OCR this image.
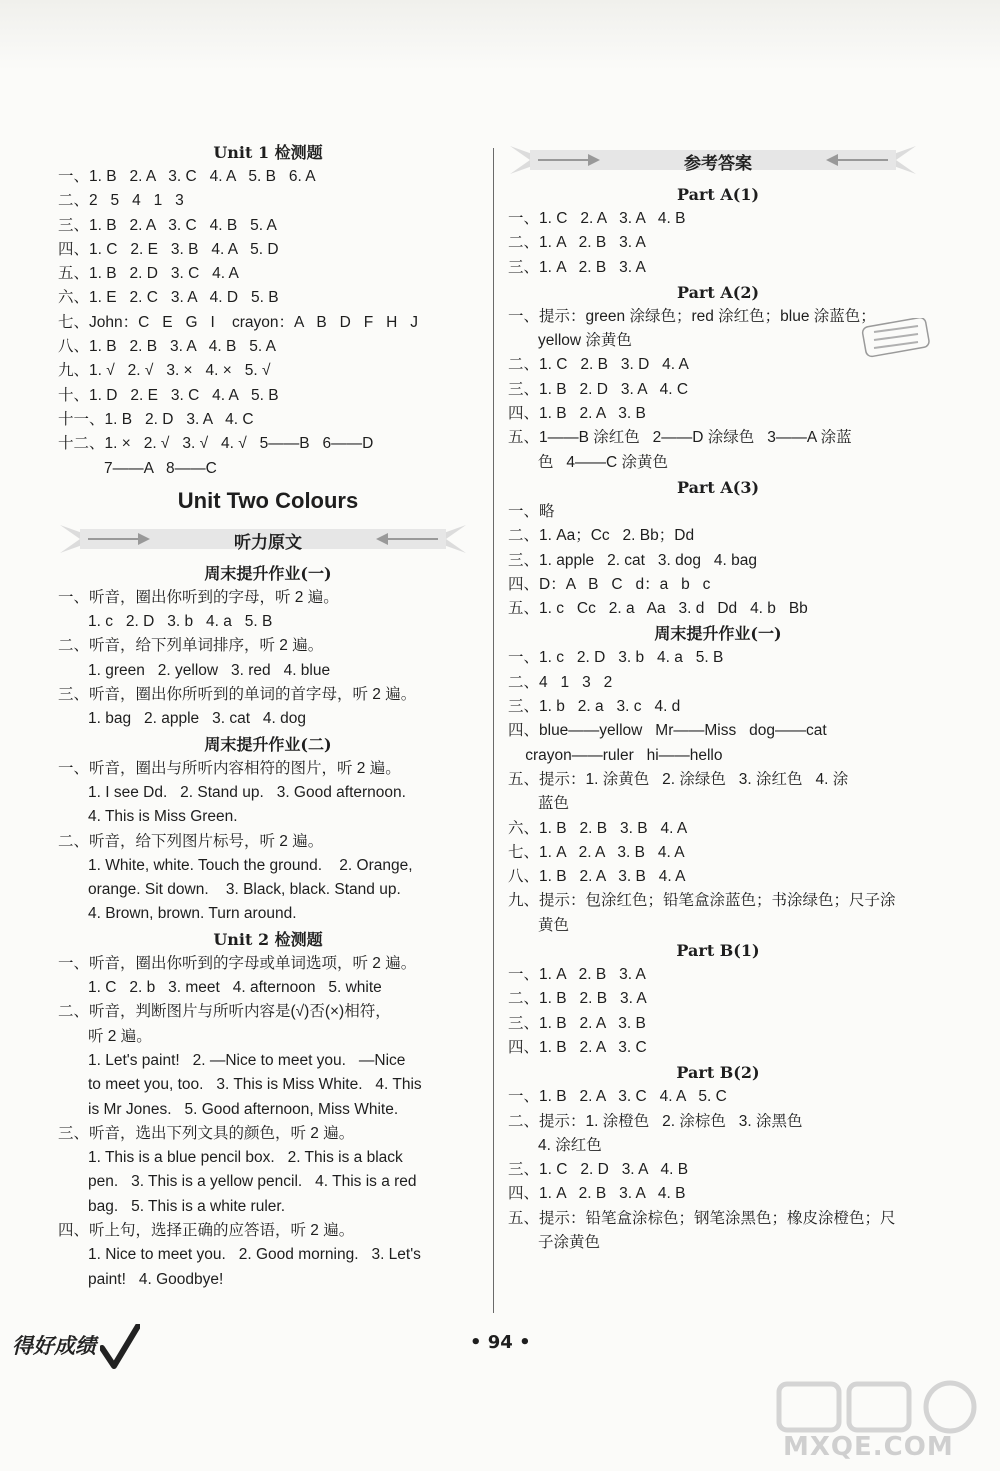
Unit 1 检测题
一、1. B   2. A   3. C   4. A   5. B   6. A
二、2   5   4   1   3
三、1. B   2. A   3. C   4. B   5. A
四、1. C   2. E   3. B   4. A   5. D
五、1. B   2. D   3. C   4. A
六、1. E   2. C   3. A   4. D   5. B
七、John：C   E   G   I    crayon：A   B   D   F   H   J
八、1. B   2. B   3. A   4. B   5. A
九、1. √   2. √   3. ×   4. ×   5. √
十、1. D   2. E   3. C   4. A   5. B
十一、1. B   2. D   3. A   4. C
十二、1. ×   2. √   3. √   4. √   5——B   6——D
7——A   8——C
Unit Two Colours
听力原文
周末提升作业(一)
一、听音，圈出你听到的字母，听 2 遍。
1. c   2. D   3. b   4. a   5. B
二、听音，给下列单词排序，听 2 遍。
1. green   2. yellow   3. red   4. blue
三、听音，圈出你所听到的单词的首字母，听 2 遍。
1. bag   2. apple   3. cat   4. dog
周末提升作业(二)
一、听音，圈出与所听内容相符的图片，听 2 遍。
1. I see Dd.   2. Stand up.   3. Good afternoon.
4. This is Miss Green.
二、听音，给下列图片标号，听 2 遍。
1. White, white. Touch the ground.    2. Orange,
orange. Sit down.    3. Black, black. Stand up.
4. Brown, brown. Turn around.
Unit 2 检测题
一、听音，圈出你听到的字母或单词选项，听 2 遍。
1. C   2. b   3. meet   4. afternoon   5. white
二、听音，判断图片与所听内容是(√)否(×)相符，
听 2 遍。
1. Let's paint!   2. —Nice to meet you.   —Nice
to meet you, too.   3. This is Miss White.   4. This
is Mr Jones.   5. Good afternoon, Miss White.
三、听音，选出下列文具的颜色，听 2 遍。
1. This is a blue pencil box.   2. This is a black
pen.   3. This is a yellow pencil.   4. This is a red
bag.   5. This is a white ruler.
四、听上句，选择正确的应答语，听 2 遍。
1. Nice to meet you.   2. Good morning.   3. Let's
paint!   4. Goodbye!
参考答案
Part A(1)
一、1. C   2. A   3. A   4. B
二、1. A   2. B   3. A
三、1. A   2. B   3. A
Part A(2)
一、提示：green 涂绿色；red 涂红色；blue 涂蓝色；
yellow 涂黄色
二、1. C   2. B   3. D   4. A
三、1. B   2. D   3. A   4. C
四、1. B   2. A   3. B
五、1——B 涂红色   2——D 涂绿色   3——A 涂蓝
色   4——C 涂黄色
Part A(3)
一、略
二、1. Aa；Cc   2. Bb；Dd
三、1. apple   2. cat   3. dog   4. bag
四、D：A   B   C   d：a   b   c
五、1. c   Cc   2. a   Aa   3. d   Dd   4. b   Bb
周末提升作业(一)
一、1. c   2. D   3. b   4. a   5. B
二、4   1   3   2
三、1. b   2. a   3. c   4. d
四、blue——yellow   Mr——Miss   dog——cat
crayon——ruler   hi——hello
五、提示：1. 涂黄色   2. 涂绿色   3. 涂红色   4. 涂
蓝色
六、1. B   2. B   3. B   4. A
七、1. A   2. A   3. B   4. A
八、1. B   2. A   3. B   4. A
九、提示：包涂红色；铅笔盒涂蓝色；书涂绿色；尺子涂
黄色
Part B(1)
一、1. A   2. B   3. A
二、1. B   2. B   3. A
三、1. B   2. A   3. B
四、1. B   2. A   3. C
Part B(2)
一、1. B   2. A   3. C   4. A   5. C
二、提示：1. 涂橙色   2. 涂棕色   3. 涂黑色
4. 涂红色
三、1. C   2. D   3. A   4. B
四、1. A   2. B   3. A   4. B
五、提示：铅笔盒涂棕色；钢笔涂黑色；橡皮涂橙色；尺
子涂黄色
得好成绩	• 94 •
MXQE.COM
